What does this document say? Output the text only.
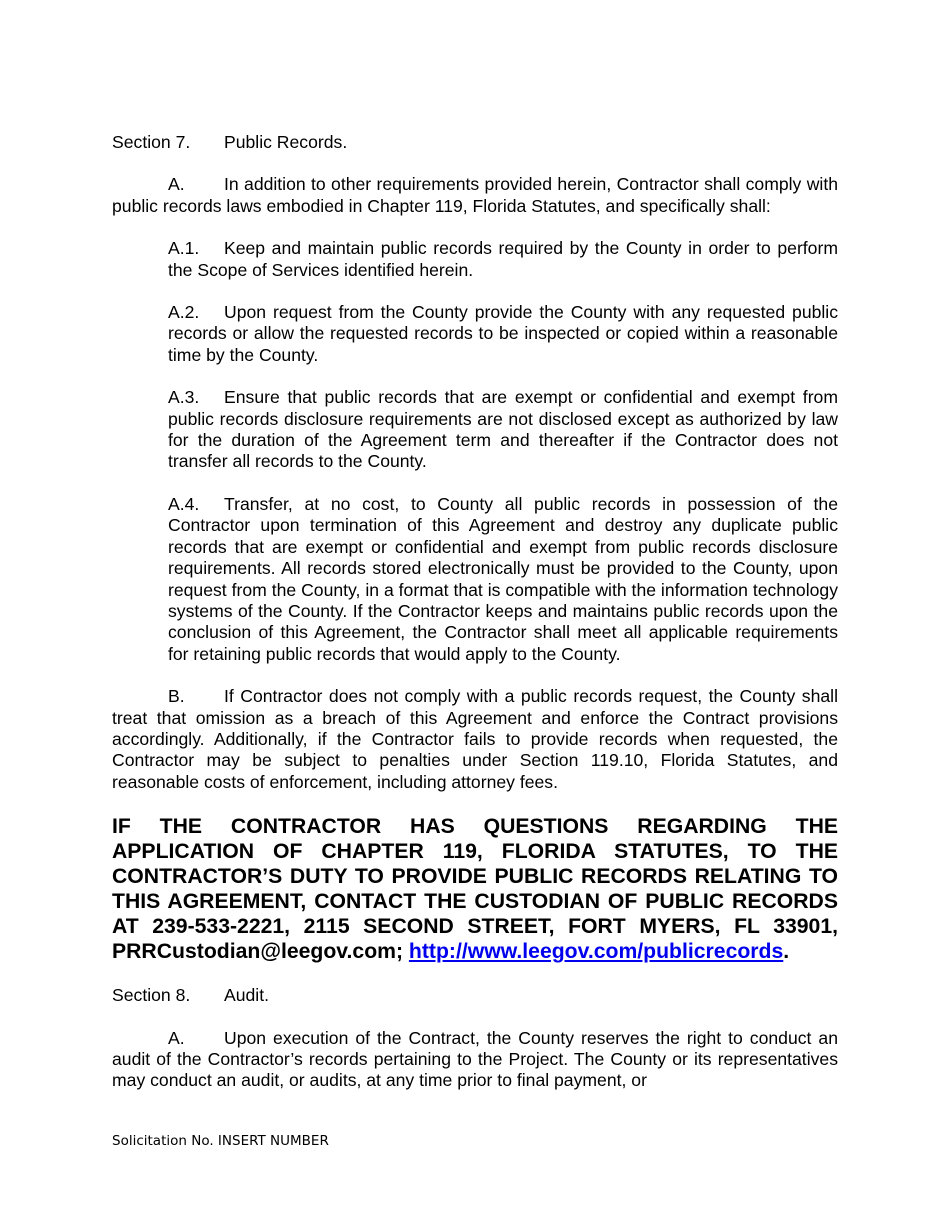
Section 7. Public Records.

A. In addition to other requirements provided herein, Contractor shall comply with public records laws embodied in Chapter 119, Florida Statutes, and specifically shall:

A.1. Keep and maintain public records required by the County in order to perform the Scope of Services identified herein.

A.2. Upon request from the County provide the County with any requested public records or allow the requested records to be inspected or copied within a reasonable time by the County.

A.3. Ensure that public records that are exempt or confidential and exempt from public records disclosure requirements are not disclosed except as authorized by law for the duration of the Agreement term and thereafter if the Contractor does not transfer all records to the County.

A.4. Transfer, at no cost, to County all public records in possession of the Contractor upon termination of this Agreement and destroy any duplicate public records that are exempt or confidential and exempt from public records disclosure requirements. All records stored electronically must be provided to the County, upon request from the County, in a format that is compatible with the information technology systems of the County. If the Contractor keeps and maintains public records upon the conclusion of this Agreement, the Contractor shall meet all applicable requirements for retaining public records that would apply to the County.

B. If Contractor does not comply with a public records request, the County shall treat that omission as a breach of this Agreement and enforce the Contract provisions accordingly. Additionally, if the Contractor fails to provide records when requested, the Contractor may be subject to penalties under Section 119.10, Florida Statutes, and reasonable costs of enforcement, including attorney fees.

IF THE CONTRACTOR HAS QUESTIONS REGARDING THE APPLICATION OF CHAPTER 119, FLORIDA STATUTES, TO THE CONTRACTOR’S DUTY TO PROVIDE PUBLIC RECORDS RELATING TO THIS AGREEMENT, CONTACT THE CUSTODIAN OF PUBLIC RECORDS AT 239-533-2221, 2115 SECOND STREET, FORT MYERS, FL 33901, PRRCustodian@leegov.com; http://www.leegov.com/publicrecords.

Section 8. Audit.

A. Upon execution of the Contract, the County reserves the right to conduct an audit of the Contractor’s records pertaining to the Project. The County or its representatives may conduct an audit, or audits, at any time prior to final payment, or

Solicitation No. INSERT NUMBER
